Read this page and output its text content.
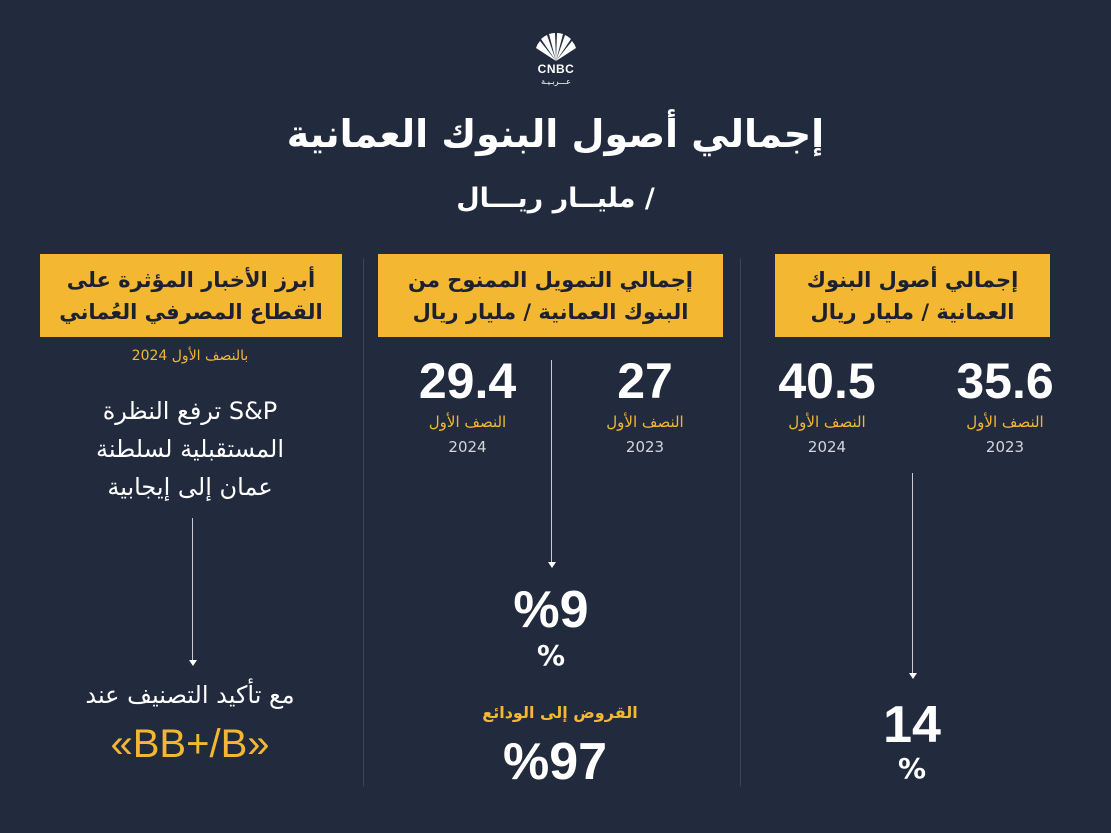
CNBC
عـــربـيـة
إجمالي أصول البنوك العمانية
/ مليــار ريـــال
إجمالي أصول البنوك
العمانية / مليار ريال
35.6
النصف الأول
2023
40.5
النصف الأول
2024
14
%
إجمالي التمويل الممنوح من
البنوك العمانية / مليار ريال
27
النصف الأول
2023
29.4
النصف الأول
2024
%9
%
القروض إلى الودائع
%97
أبرز الأخبار المؤثرة على
القطاع المصرفي العُماني
بالنصف الأول 2024
S&P ترفع النظرة
المستقبلية لسلطنة
عمان إلى إيجابية
مع تأكيد التصنيف عند
«BB+/B»
